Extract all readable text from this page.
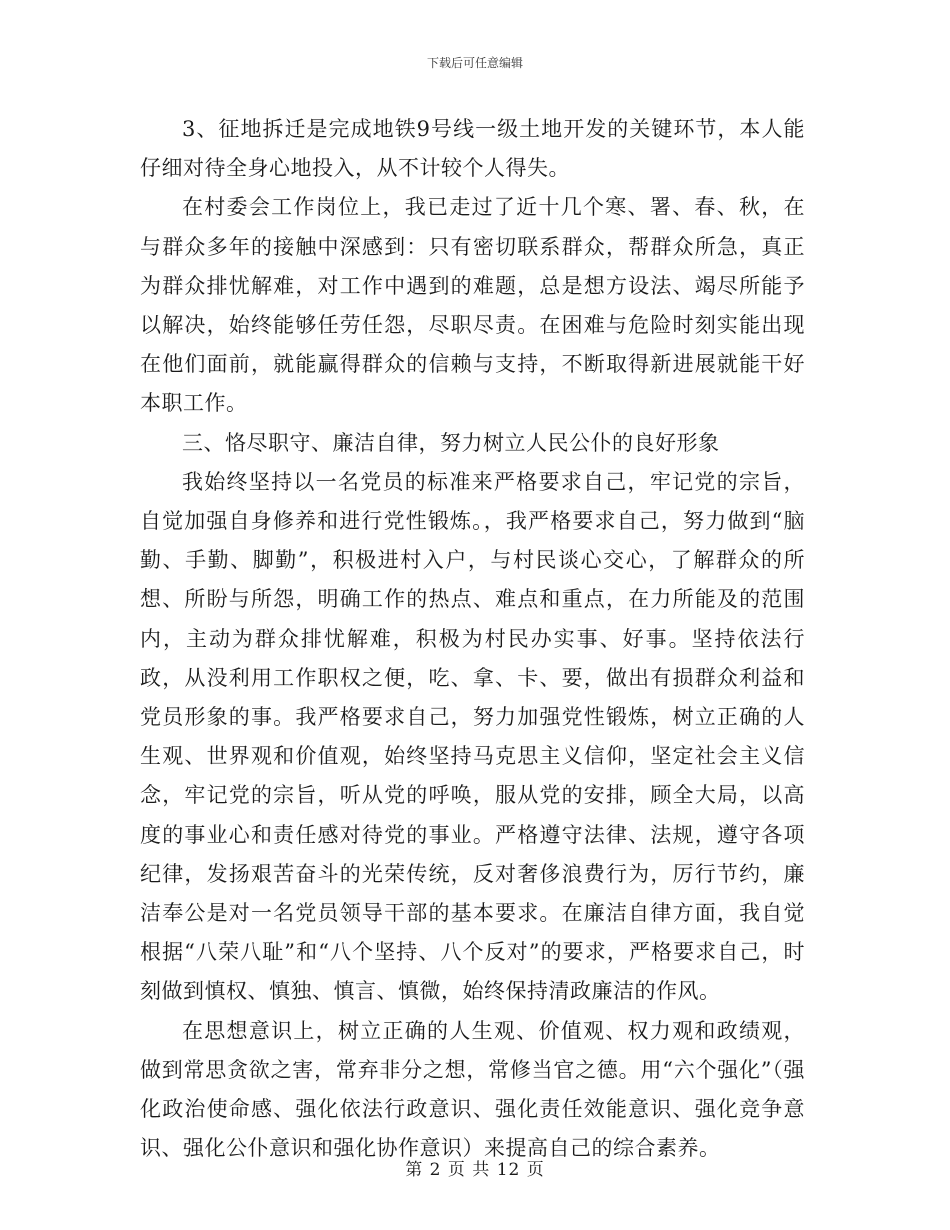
下载后可任意编辑

3、征地拆迁是完成地铁9号线一级土地开发的关键环节，本人能仔细对待全身心地投入，从不计较个人得失。

在村委会工作岗位上，我已走过了近十几个寒、署、春、秋，在与群众多年的接触中深感到：只有密切联系群众，帮群众所急，真正为群众排忧解难，对工作中遇到的难题，总是想方设法、竭尽所能予以解决，始终能够任劳任怨，尽职尽责。在困难与危险时刻实能出现在他们面前，就能赢得群众的信赖与支持，不断取得新进展就能干好本职工作。

三、恪尽职守、廉洁自律，努力树立人民公仆的良好形象

我始终坚持以一名党员的标准来严格要求自己，牢记党的宗旨，自觉加强自身修养和进行党性锻炼。，我严格要求自己，努力做到“脑勤、手勤、脚勤”，积极进村入户，与村民谈心交心，了解群众的所想、所盼与所怨，明确工作的热点、难点和重点，在力所能及的范围内，主动为群众排忧解难，积极为村民办实事、好事。坚持依法行政，从没利用工作职权之便，吃、拿、卡、要，做出有损群众利益和党员形象的事。我严格要求自己，努力加强党性锻炼，树立正确的人生观、世界观和价值观，始终坚持马克思主义信仰，坚定社会主义信念，牢记党的宗旨，听从党的呼唤，服从党的安排，顾全大局，以高度的事业心和责任感对待党的事业。严格遵守法律、法规，遵守各项纪律，发扬艰苦奋斗的光荣传统，反对奢侈浪费行为，厉行节约，廉洁奉公是对一名党员领导干部的基本要求。在廉洁自律方面，我自觉根据“八荣八耻”和“八个坚持、八个反对”的要求，严格要求自己，时刻做到慎权、慎独、慎言、慎微，始终保持清政廉洁的作风。

在思想意识上，树立正确的人生观、价值观、权力观和政绩观，做到常思贪欲之害，常弃非分之想，常修当官之德。用“六个强化”（强化政治使命感、强化依法行政意识、强化责任效能意识、强化竞争意识、强化公仆意识和强化协作意识）来提高自己的综合素养。

第 2 页 共 12 页
